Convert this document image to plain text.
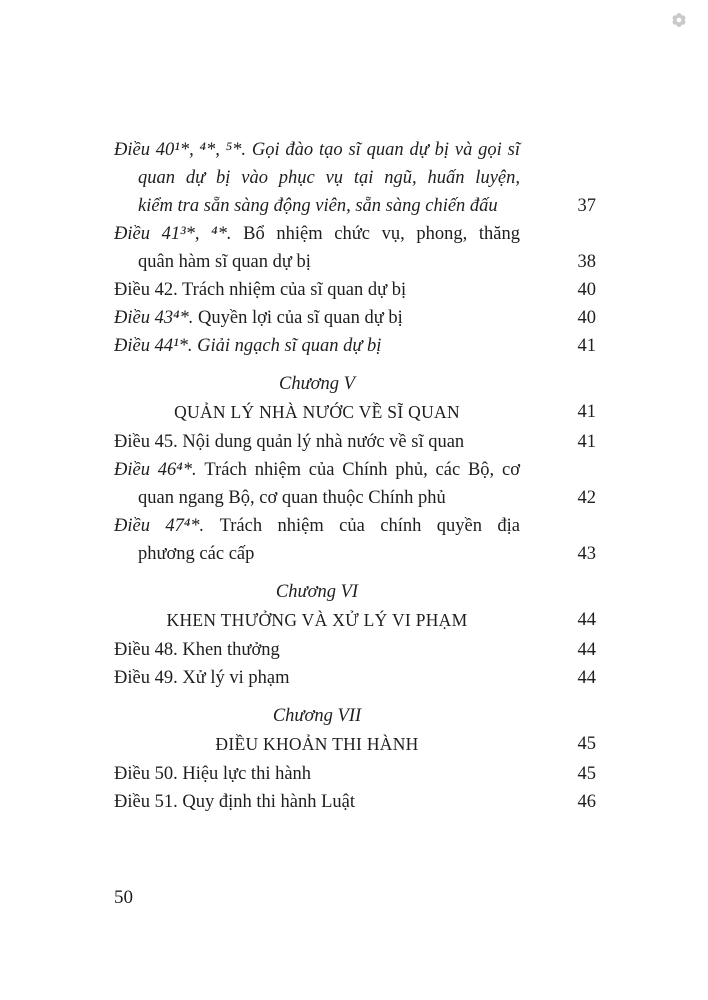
Điều 40¹*, ⁴*, ⁵*. Gọi đào tạo sĩ quan dự bị và gọi sĩ
quan dự bị vào phục vụ tại ngũ, huấn luyện,
kiểm tra sẵn sàng động viên, sẵn sàng chiến đấu	37
Điều 41³*, ⁴*. Bổ nhiệm chức vụ, phong, thăng
quân hàm sĩ quan dự bị	38
Điều 42. Trách nhiệm của sĩ quan dự bị	40
Điều 43⁴*. Quyền lợi của sĩ quan dự bị	40
Điều 44¹*. Giải ngạch sĩ quan dự bị	41
Chương V
QUẢN LÝ NHÀ NƯỚC VỀ SĨ QUAN	41
Điều 45. Nội dung quản lý nhà nước về sĩ quan	41
Điều 46⁴*. Trách nhiệm của Chính phủ, các Bộ, cơ
quan ngang Bộ, cơ quan thuộc Chính phủ	42
Điều 47⁴*. Trách nhiệm của chính quyền địa
phương các cấp	43
Chương VI
KHEN THƯỞNG VÀ XỬ LÝ VI PHẠM	44
Điều 48. Khen thưởng	44
Điều 49. Xử lý vi phạm	44
Chương VII
ĐIỀU KHOẢN THI HÀNH	45
Điều 50. Hiệu lực thi hành	45
Điều 51. Quy định thi hành Luật	46
50
